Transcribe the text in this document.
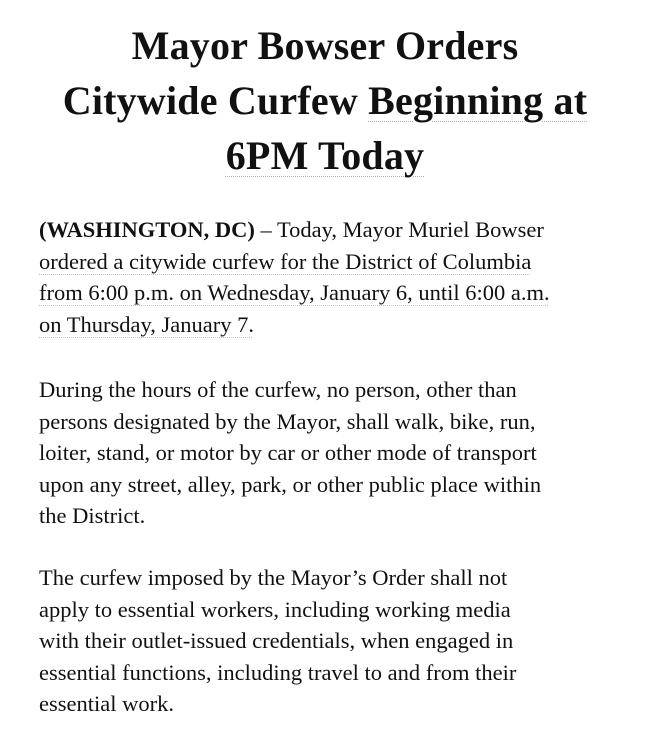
Mayor Bowser Orders
Citywide Curfew Beginning at
6PM Today

(WASHINGTON, DC) – Today, Mayor Muriel Bowser
ordered a citywide curfew for the District of Columbia
from 6:00 p.m. on Wednesday, January 6, until 6:00 a.m.
on Thursday, January 7.

During the hours of the curfew, no person, other than
persons designated by the Mayor, shall walk, bike, run,
loiter, stand, or motor by car or other mode of transport
upon any street, alley, park, or other public place within
the District.

The curfew imposed by the Mayor’s Order shall not
apply to essential workers, including working media
with their outlet-issued credentials, when engaged in
essential functions, including travel to and from their
essential work.
